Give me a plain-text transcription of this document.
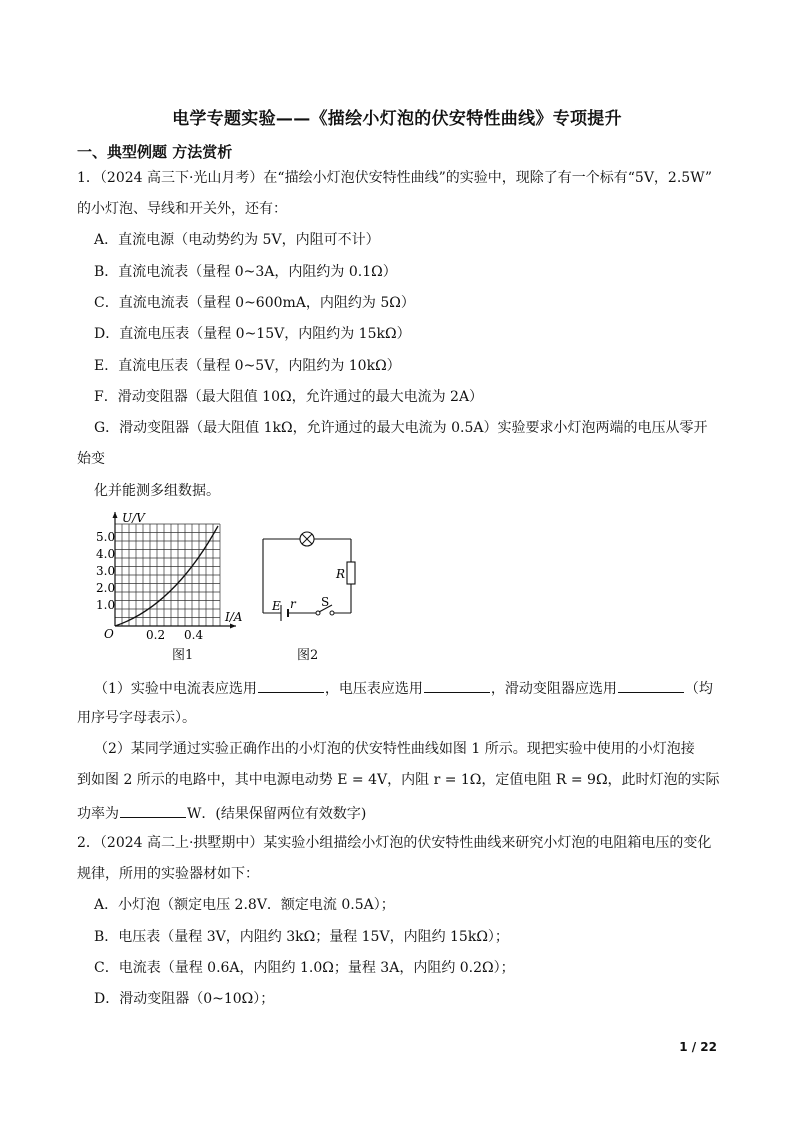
电学专题实验——《描绘小灯泡的伏安特性曲线》专项提升
一、典型例题 方法赏析
1．（2024 高三下·光山月考）在“描绘小灯泡伏安特性曲线”的实验中，现除了有一个标有“5V，2.5W”
的小灯泡、导线和开关外，还有：
A．直流电源（电动势约为 5V，内阻可不计）
B．直流电流表（量程 0~3A，内阻约为 0.1Ω）
C．直流电流表（量程 0~600mA，内阻约为 5Ω）
D．直流电压表（量程 0~15V，内阻约为 15kΩ）
E．直流电压表（量程 0~5V，内阻约为 10kΩ）
F．滑动变阻器（最大阻值 10Ω，允许通过的最大电流为 2A）
G．滑动变阻器（最大阻值 1kΩ，允许通过的最大电流为 0.5A）实验要求小灯泡两端的电压从零开
始变
化并能测多组数据。
U/V
I/A
O
5.0
4.0
3.0
2.0
1.0
0.2 0.4
图1
R
E r S
图2
（1）实验中电流表应选用	，电压表应选用	，滑动变阻器应选用	（均
用序号字母表示）。
（2）某同学通过实验正确作出的小灯泡的伏安特性曲线如图 1 所示。现把实验中使用的小灯泡接
到如图 2 所示的电路中，其中电源电动势 E = 4V，内阻 r = 1Ω，定值电阻 R = 9Ω，此时灯泡的实际
功率为	W．(结果保留两位有效数字)
2．（2024 高二上·拱墅期中）某实验小组描绘小灯泡的伏安特性曲线来研究小灯泡的电阻箱电压的变化
规律，所用的实验器材如下：
A．小灯泡（额定电压 2.8V．额定电流 0.5A）；
B．电压表（量程 3V，内阻约 3kΩ；量程 15V，内阻约 15kΩ）；
C．电流表（量程 0.6A，内阻约 1.0Ω；量程 3A，内阻约 0.2Ω）；
D．滑动变阻器（0~10Ω）；
1 / 22
